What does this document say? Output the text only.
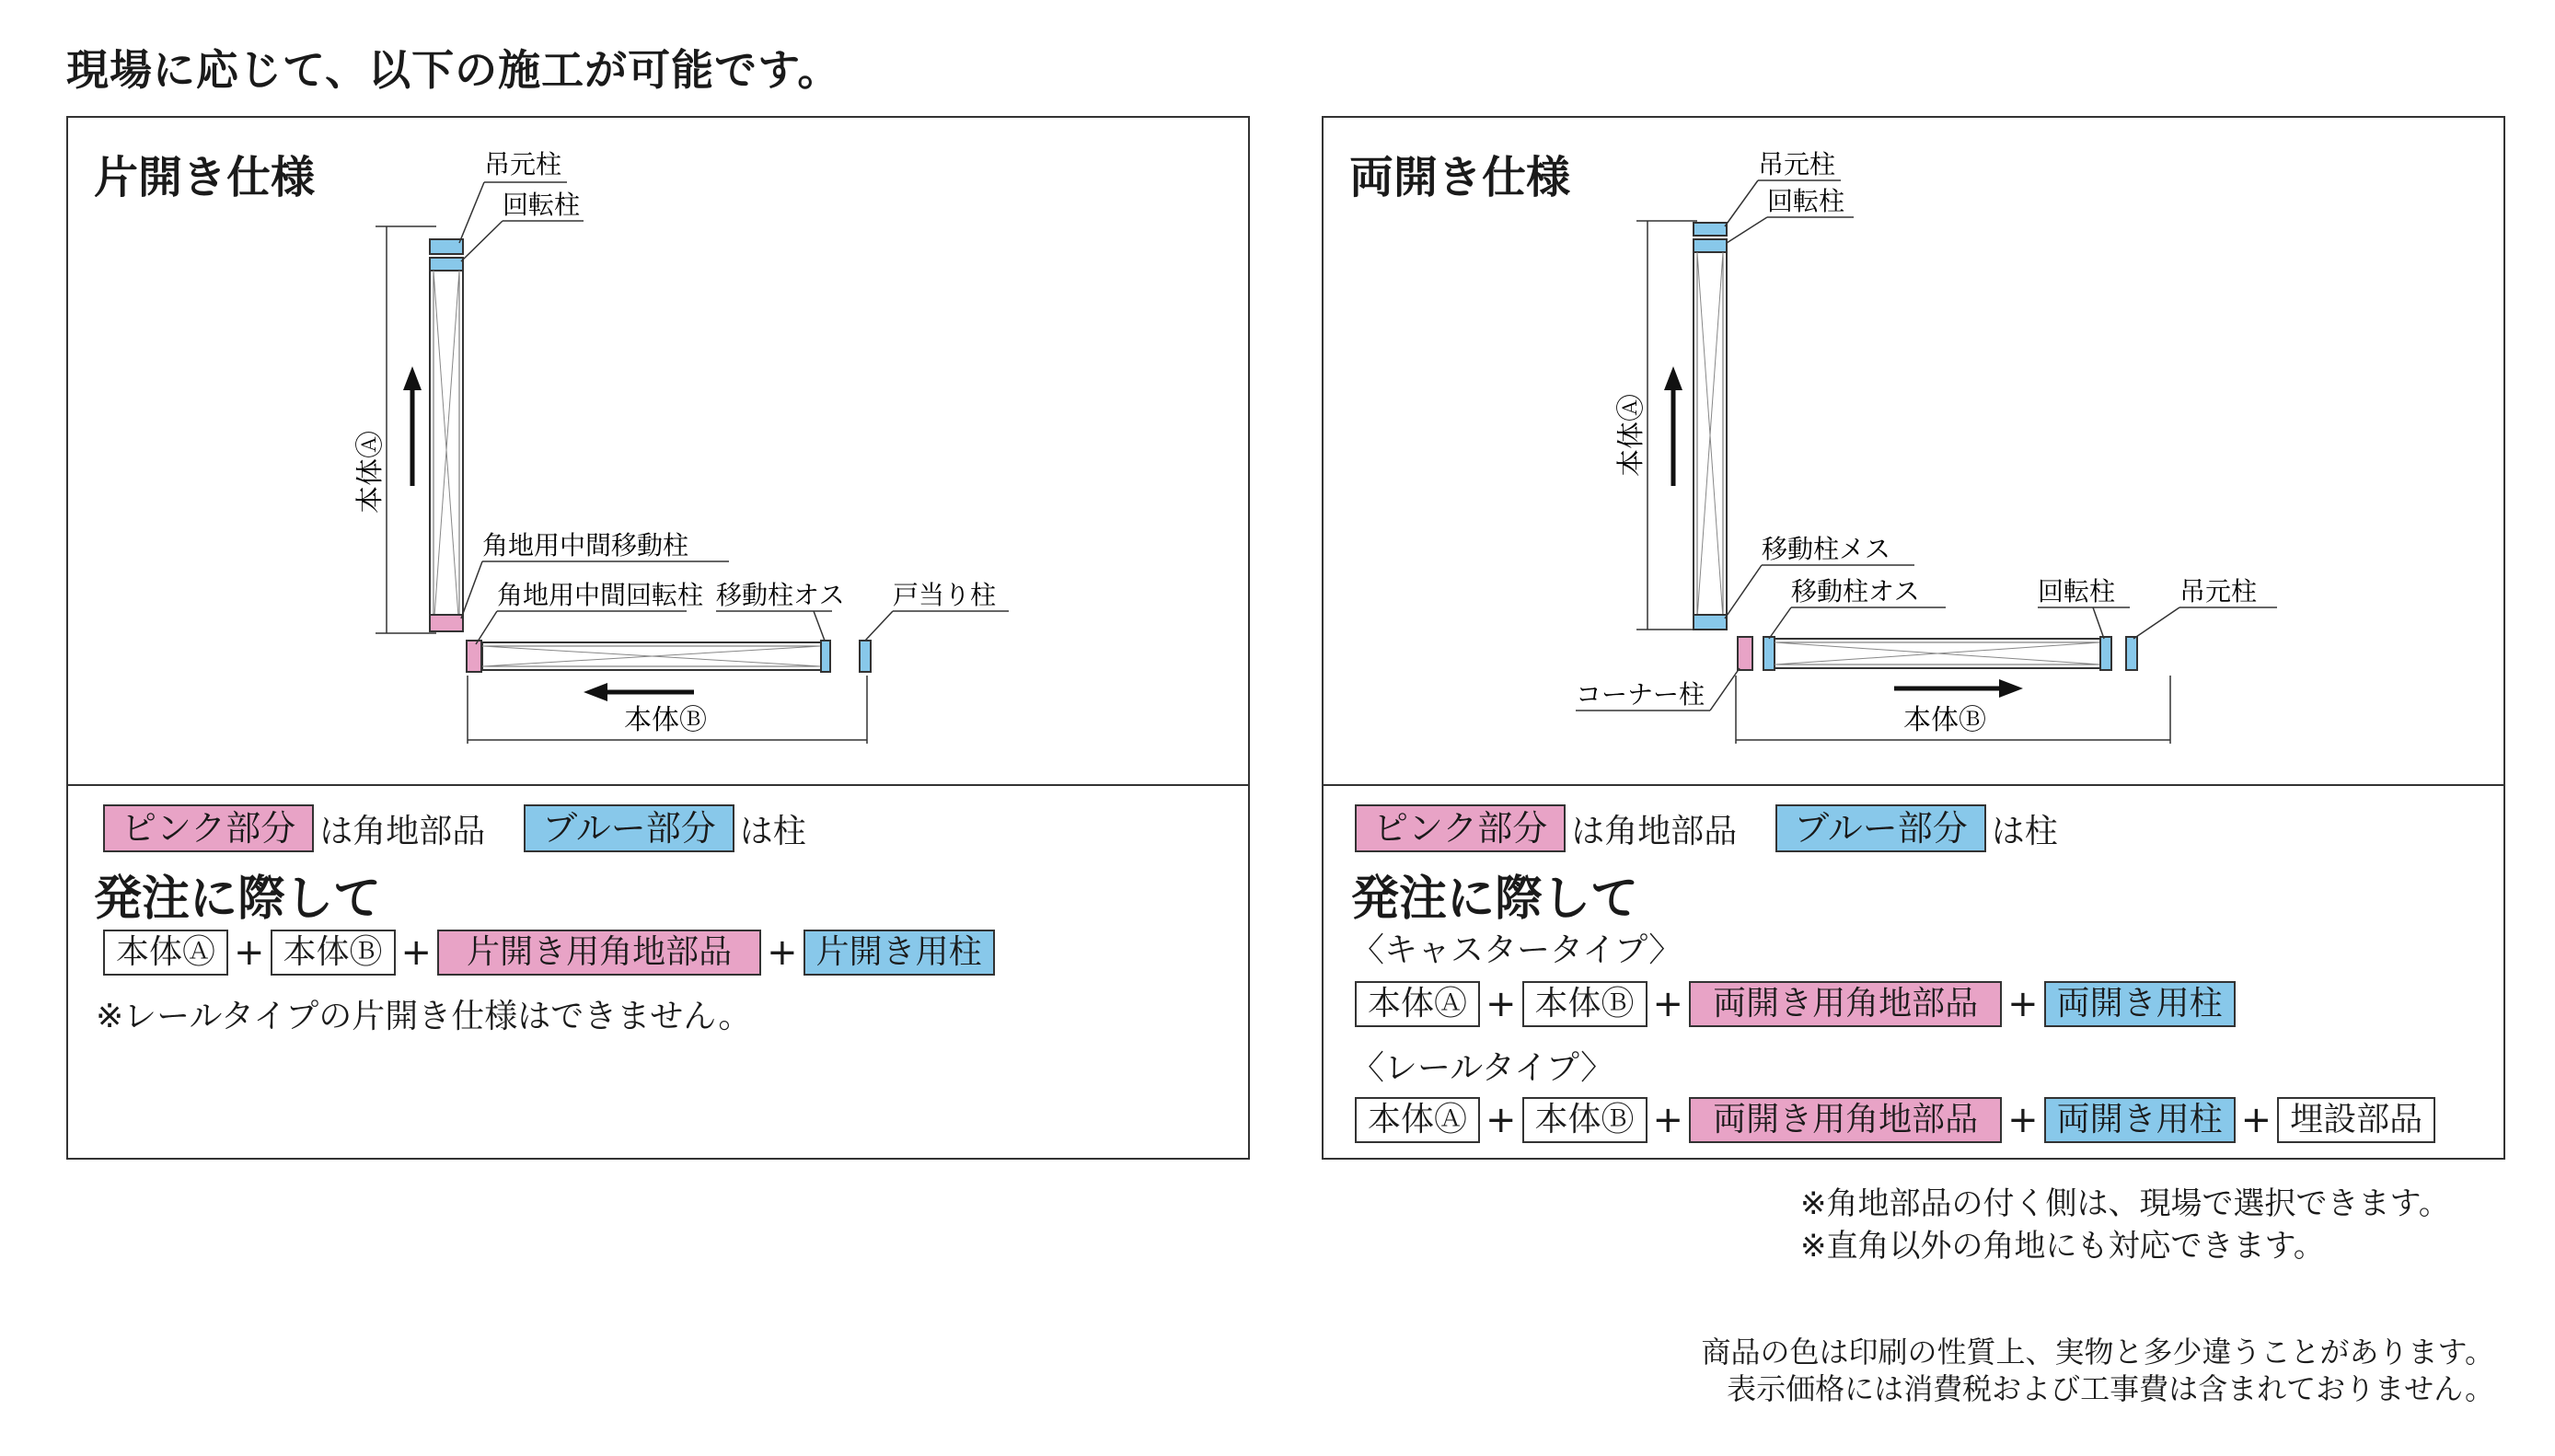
現場に応じて、以下の施工が可能です。
片開き仕様
本体Ⓐ
本体Ⓑ
吊元柱
回転柱
角地用中間移動柱
角地用中間回転柱 移動柱オス 戸当り柱
ピンク部分 は角地部品	ブルー部分 は柱
発注に際して
本体Ⓐ + 本体Ⓑ +	片開き用角地部品 + 片開き用柱
※レールタイプの片開き仕様はできません。
両開き仕様
本体Ⓐ
本体Ⓑ
吊元柱
回転柱
移動柱メス
移動柱オス
コーナー柱
回転柱 吊元柱
ピンク部分 は角地部品	ブルー部分 は柱
発注に際して
〈キャスタータイプ〉
本体Ⓐ + 本体Ⓑ + 両開き用角地部品 + 両開き用柱
〈レールタイプ〉
本体Ⓐ + 本体Ⓑ + 両開き用角地部品 + 両開き用柱 + 埋設部品
※角地部品の付く側は、現場で選択できます。
※直角以外の角地にも対応できます。
商品の色は印刷の性質上、実物と多少違うことがあります。
表示価格には消費税および工事費は含まれておりません。
